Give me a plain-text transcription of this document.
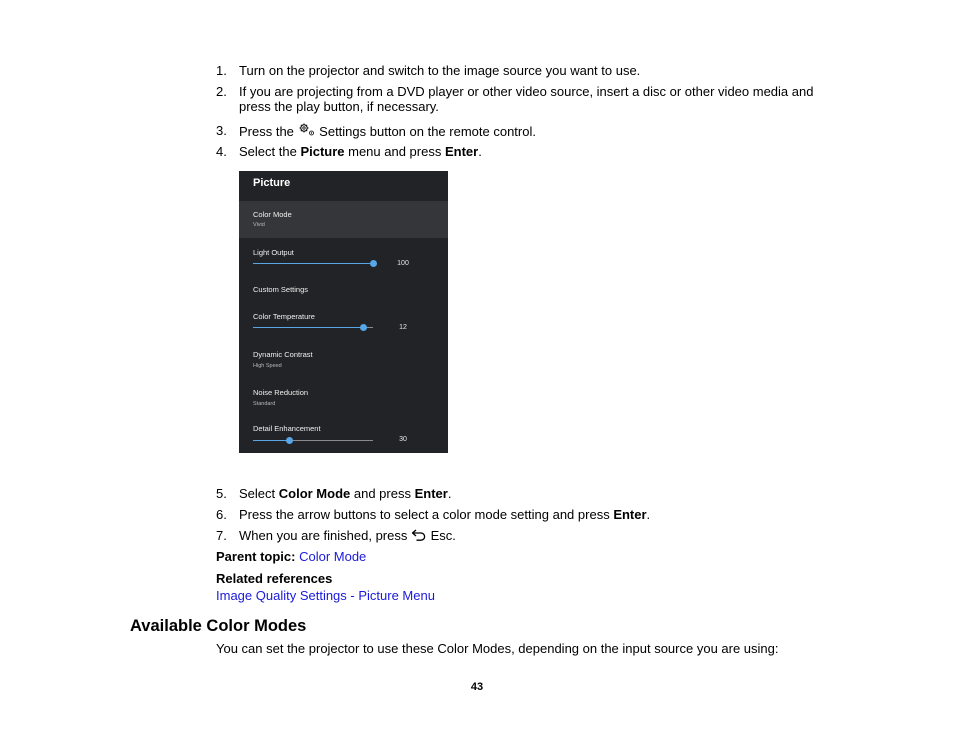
1. Turn on the projector and switch to the image source you want to use.
2. If you are projecting from a DVD player or other video source, insert a disc or other video media and press the play button, if necessary.
3. Press the Settings button on the remote control.
4. Select the Picture menu and press Enter.
Picture
Color Mode
Vivid
Light Output
100
Custom Settings
Color Temperature
12
Dynamic Contrast
High Speed
Noise Reduction
Standard
Detail Enhancement
30
5. Select Color Mode and press Enter.
6. Press the arrow buttons to select a color mode setting and press Enter.
7. When you are finished, press Esc.
Parent topic: Color Mode
Related references
Image Quality Settings - Picture Menu
Available Color Modes
You can set the projector to use these Color Modes, depending on the input source you are using:
43
